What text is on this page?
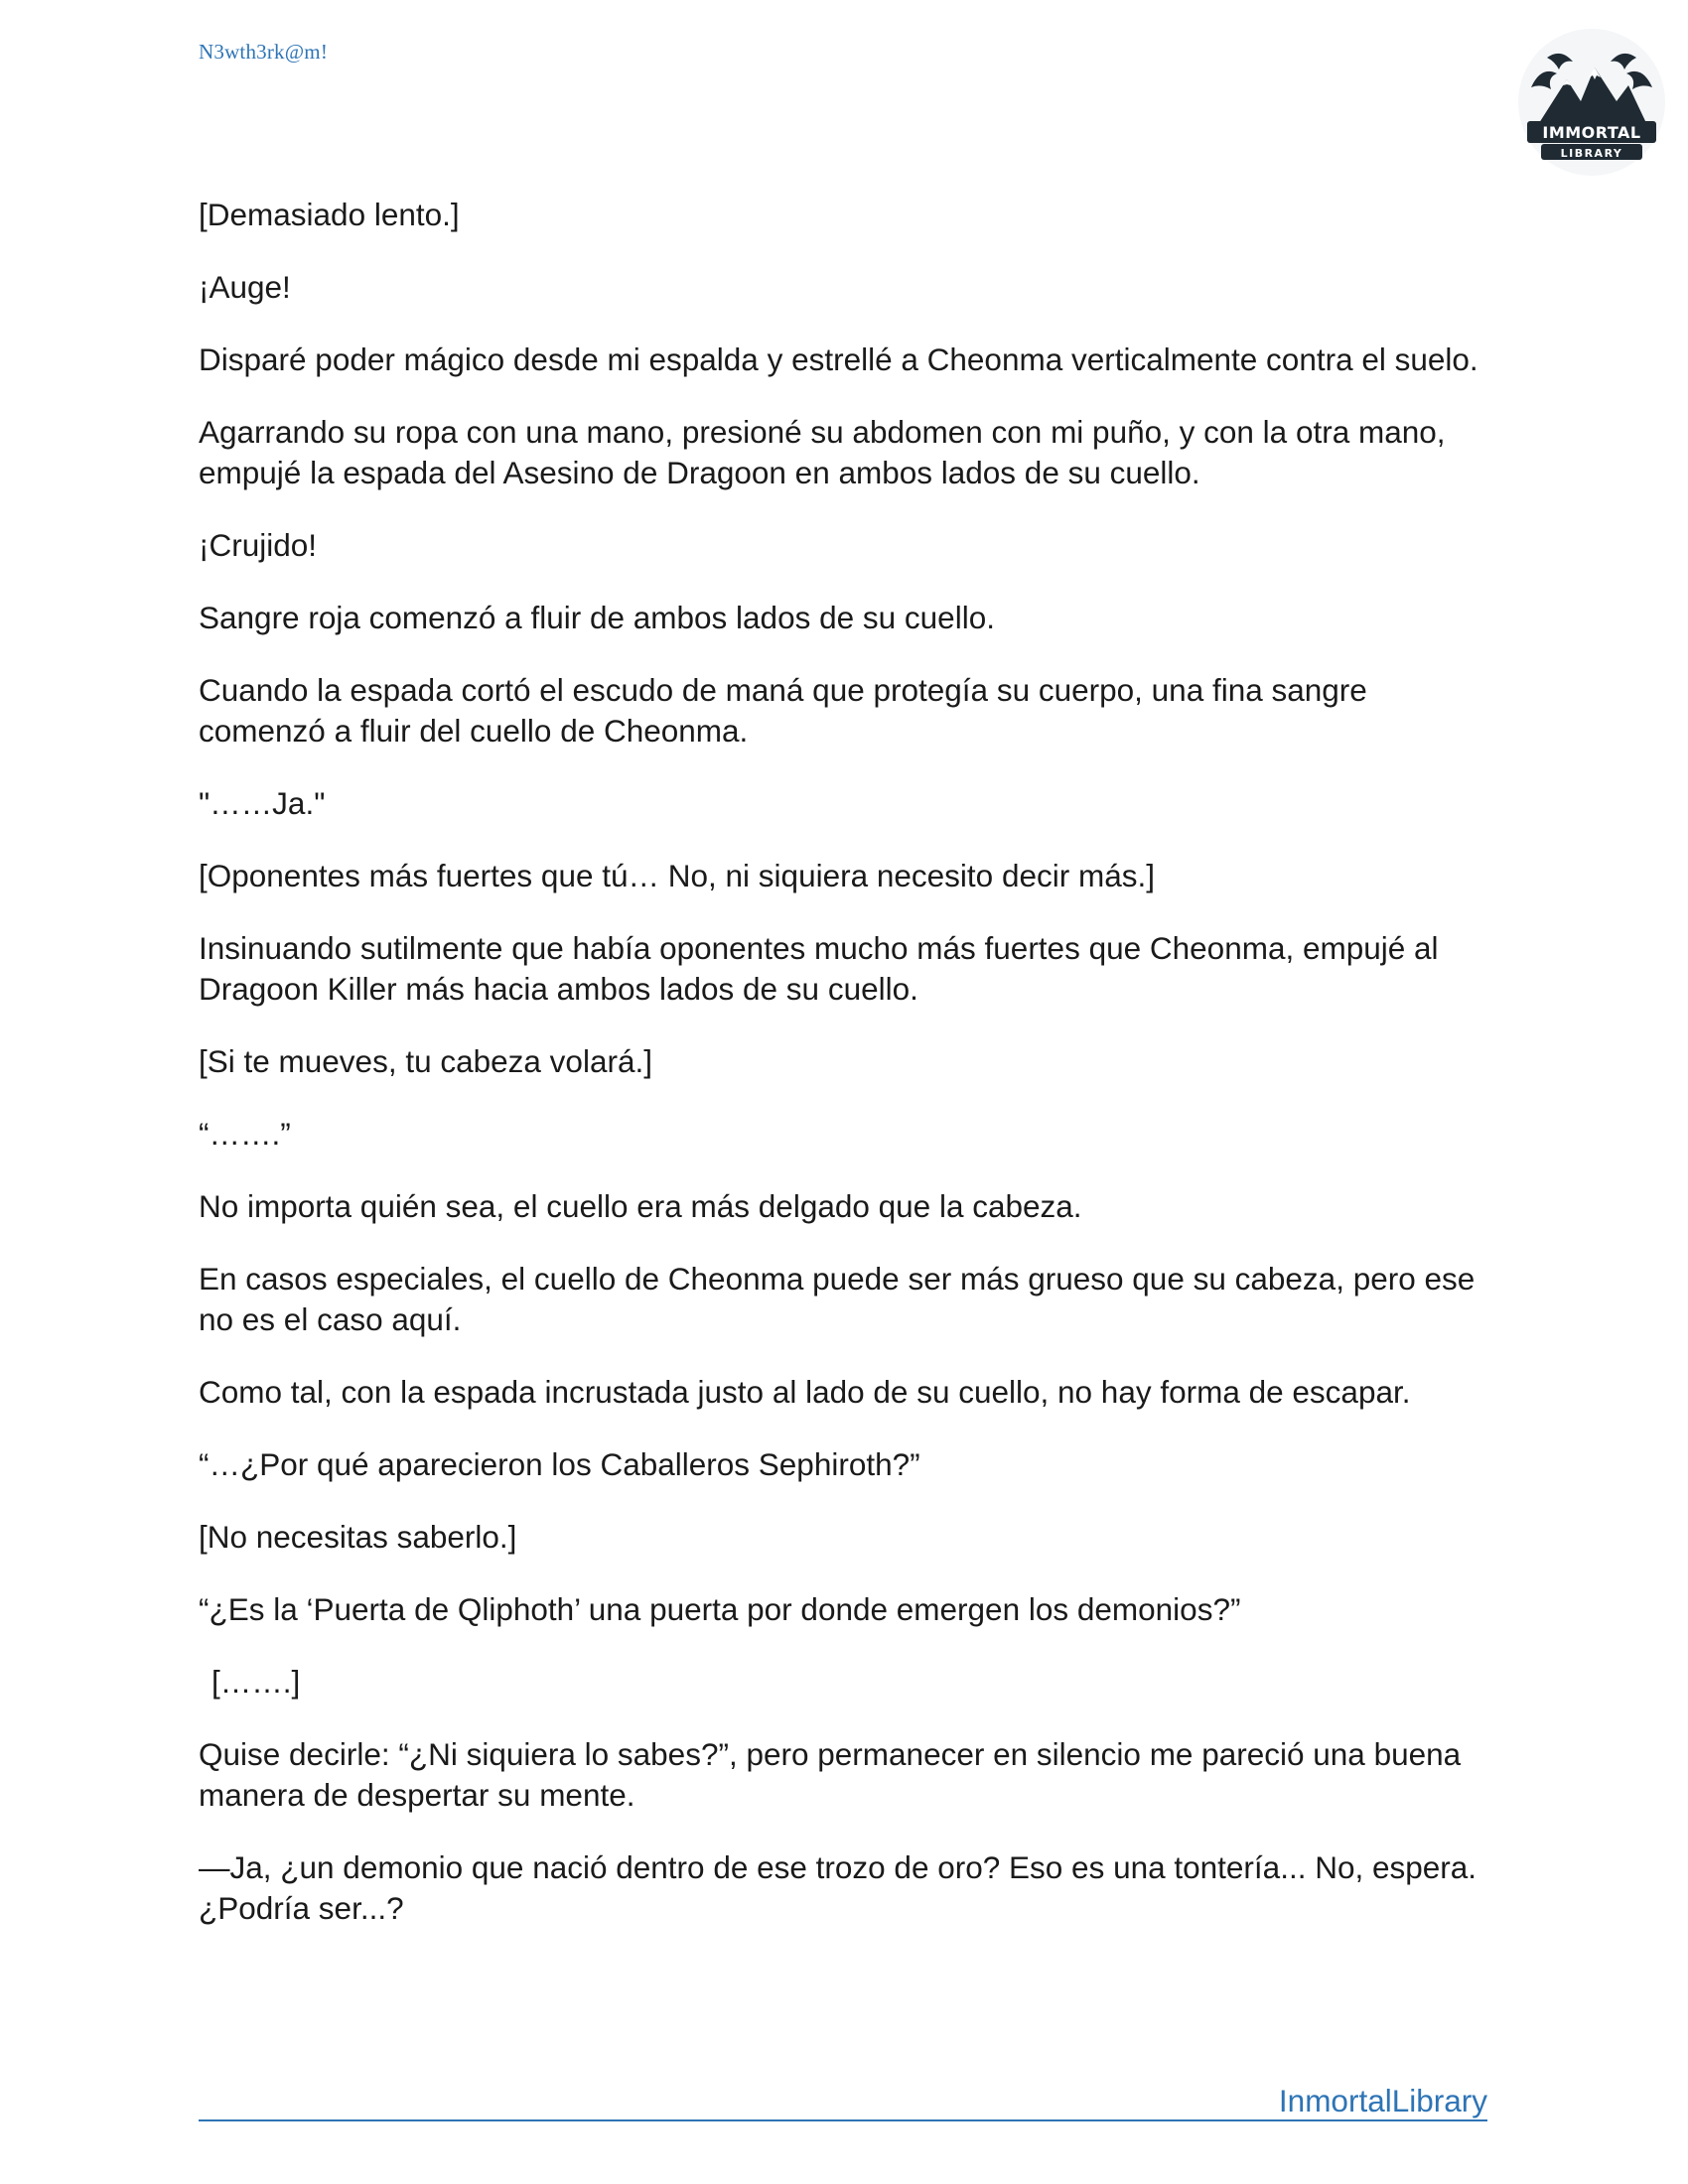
N3wth3rk@m!
IMMORTAL
LIBRARY

[Demasiado lento.]

¡Auge!

Disparé poder mágico desde mi espalda y estrellé a Cheonma verticalmente contra el suelo.

Agarrando su ropa con una mano, presioné su abdomen con mi puño, y con la otra mano, empujé la espada del Asesino de Dragoon en ambos lados de su cuello.

¡Crujido!

Sangre roja comenzó a fluir de ambos lados de su cuello.

Cuando la espada cortó el escudo de maná que protegía su cuerpo, una fina sangre comenzó a fluir del cuello de Cheonma.

"……Ja."

[Oponentes más fuertes que tú… No, ni siquiera necesito decir más.]

Insinuando sutilmente que había oponentes mucho más fuertes que Cheonma, empujé al Dragoon Killer más hacia ambos lados de su cuello.

[Si te mueves, tu cabeza volará.]

“…….”

No importa quién sea, el cuello era más delgado que la cabeza.

En casos especiales, el cuello de Cheonma puede ser más grueso que su cabeza, pero ese no es el caso aquí.

Como tal, con la espada incrustada justo al lado de su cuello, no hay forma de escapar.

“…¿Por qué aparecieron los Caballeros Sephiroth?”

[No necesitas saberlo.]

“¿Es la ‘Puerta de Qliphoth’ una puerta por donde emergen los demonios?”

[…….]

Quise decirle: “¿Ni siquiera lo sabes?”, pero permanecer en silencio me pareció una buena manera de despertar su mente.

—Ja, ¿un demonio que nació dentro de ese trozo de oro? Eso es una tontería... No, espera. ¿Podría ser...?

InmortalLibrary
